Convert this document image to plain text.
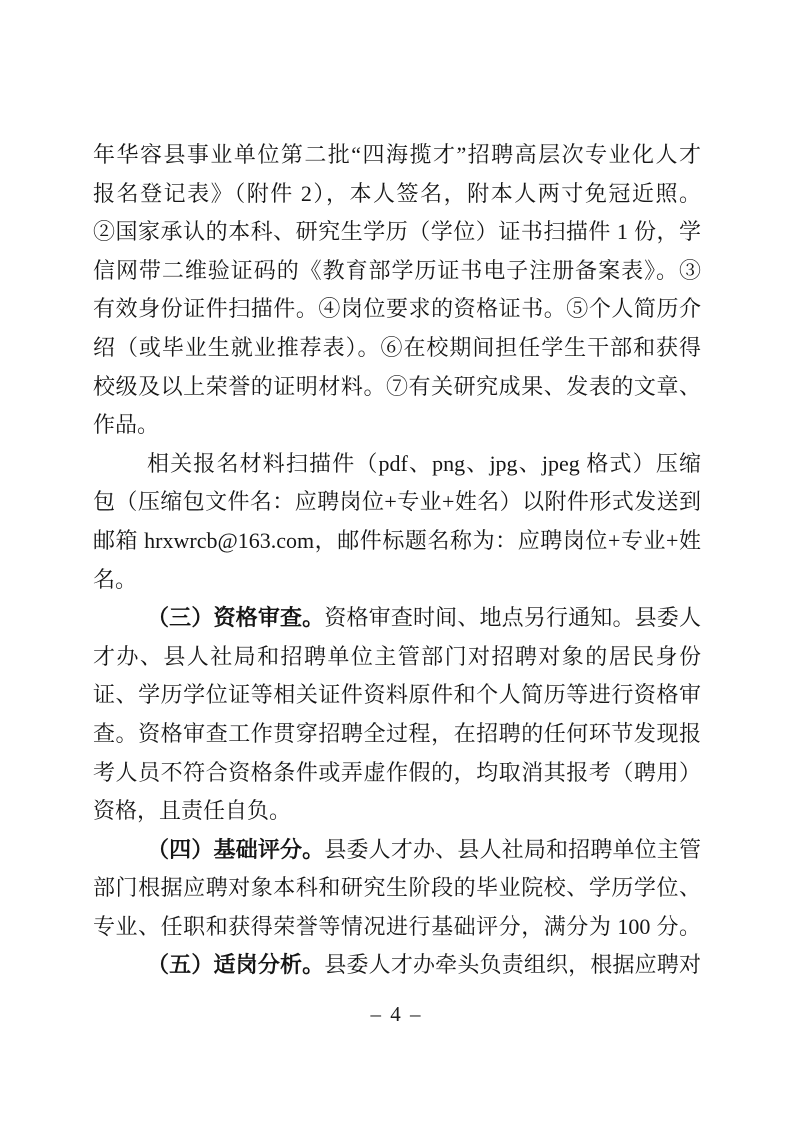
年华容县事业单位第二批“四海揽才”招聘高层次专业化人才
报名登记表》（附件 2），本人签名，附本人两寸免冠近照。
②国家承认的本科、研究生学历（学位）证书扫描件 1 份，学
信网带二维验证码的《教育部学历证书电子注册备案表》。③
有效身份证件扫描件。④岗位要求的资格证书。⑤个人简历介
绍（或毕业生就业推荐表）。⑥在校期间担任学生干部和获得
校级及以上荣誉的证明材料。⑦有关研究成果、发表的文章、
作品。
相关报名材料扫描件（pdf、png、jpg、jpeg 格式）压缩
包（压缩包文件名：应聘岗位+专业+姓名）以附件形式发送到
邮箱 hrxwrcb@163.com，邮件标题名称为：应聘岗位+专业+姓
名。
（三）资格审查。资格审查时间、地点另行通知。县委人
才办、县人社局和招聘单位主管部门对招聘对象的居民身份
证、学历学位证等相关证件资料原件和个人简历等进行资格审
查。资格审查工作贯穿招聘全过程，在招聘的任何环节发现报
考人员不符合资格条件或弄虚作假的，均取消其报考（聘用）
资格，且责任自负。
（四）基础评分。县委人才办、县人社局和招聘单位主管
部门根据应聘对象本科和研究生阶段的毕业院校、学历学位、
专业、任职和获得荣誉等情况进行基础评分，满分为 100 分。
（五）适岗分析。县委人才办牵头负责组织，根据应聘对
– 4 –
